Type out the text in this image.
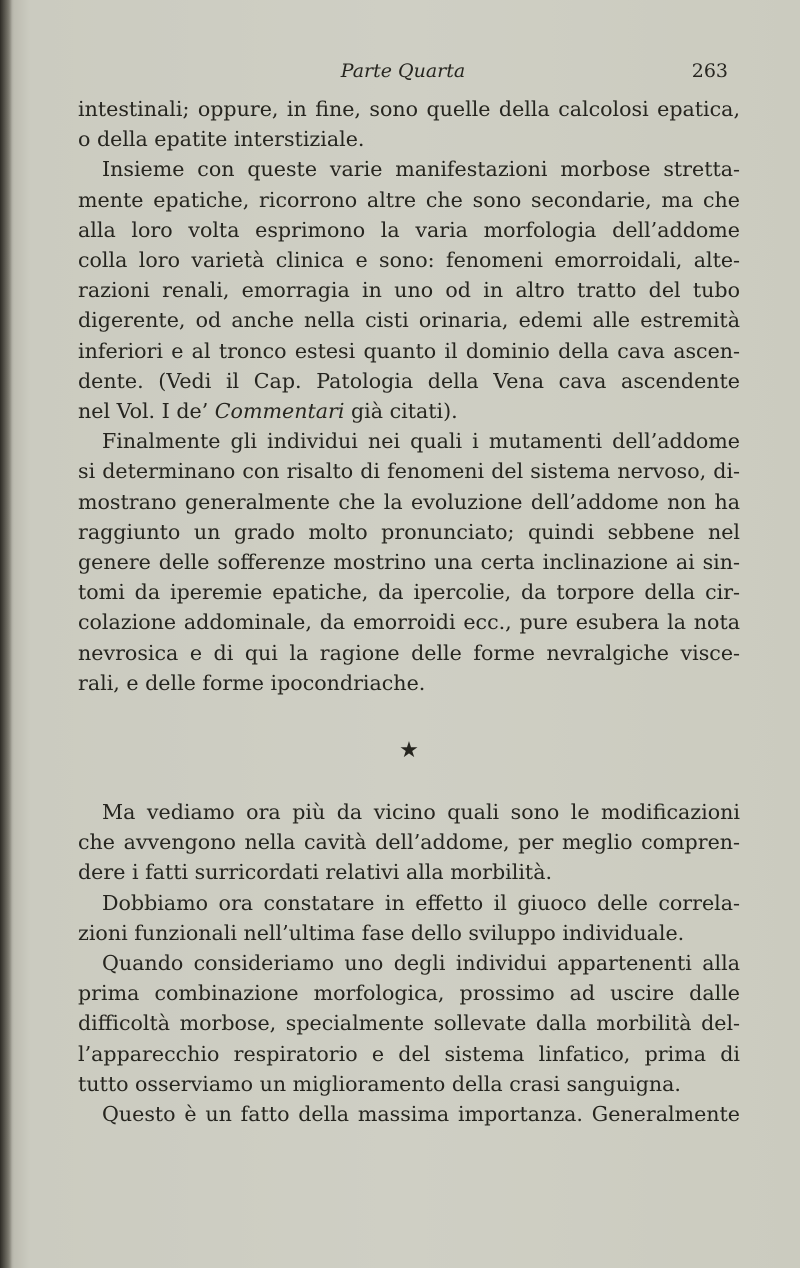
Parte Quarta	263
intestinali; oppure, in fine, sono quelle della calcolosi epatica,
o della epatite interstiziale.
Insieme con queste varie manifestazioni morbose stretta-
mente epatiche, ricorrono altre che sono secondarie, ma che
alla loro volta esprimono la varia morfologia dell’addome
colla loro varietà clinica e sono: fenomeni emorroidali, alte-
razioni renali, emorragia in uno od in altro tratto del tubo
digerente, od anche nella cisti orinaria, edemi alle estremità
inferiori e al tronco estesi quanto il dominio della cava ascen-
dente. (Vedi il Cap. Patologia della Vena cava ascendente
nel Vol. I de’ Commentari già citati).
Finalmente gli individui nei quali i mutamenti dell’addome
si determinano con risalto di fenomeni del sistema nervoso, di-
mostrano generalmente che la evoluzione dell’addome non ha
raggiunto un grado molto pronunciato; quindi sebbene nel
genere delle sofferenze mostrino una certa inclinazione ai sin-
tomi da iperemie epatiche, da ipercolie, da torpore della cir-
colazione addominale, da emorroidi ecc., pure esubera la nota
nevrosica e di qui la ragione delle forme nevralgiche visce-
rali, e delle forme ipocondriache.
★
Ma vediamo ora più da vicino quali sono le modificazioni
che avvengono nella cavità dell’addome, per meglio compren-
dere i fatti surricordati relativi alla morbilità.
Dobbiamo ora constatare in effetto il giuoco delle correla-
zioni funzionali nell’ultima fase dello sviluppo individuale.
Quando consideriamo uno degli individui appartenenti alla
prima combinazione morfologica, prossimo ad uscire dalle
difficoltà morbose, specialmente sollevate dalla morbilità del-
l’apparecchio respiratorio e del sistema linfatico, prima di
tutto osserviamo un miglioramento della crasi sanguigna.
Questo è un fatto della massima importanza. Generalmente
